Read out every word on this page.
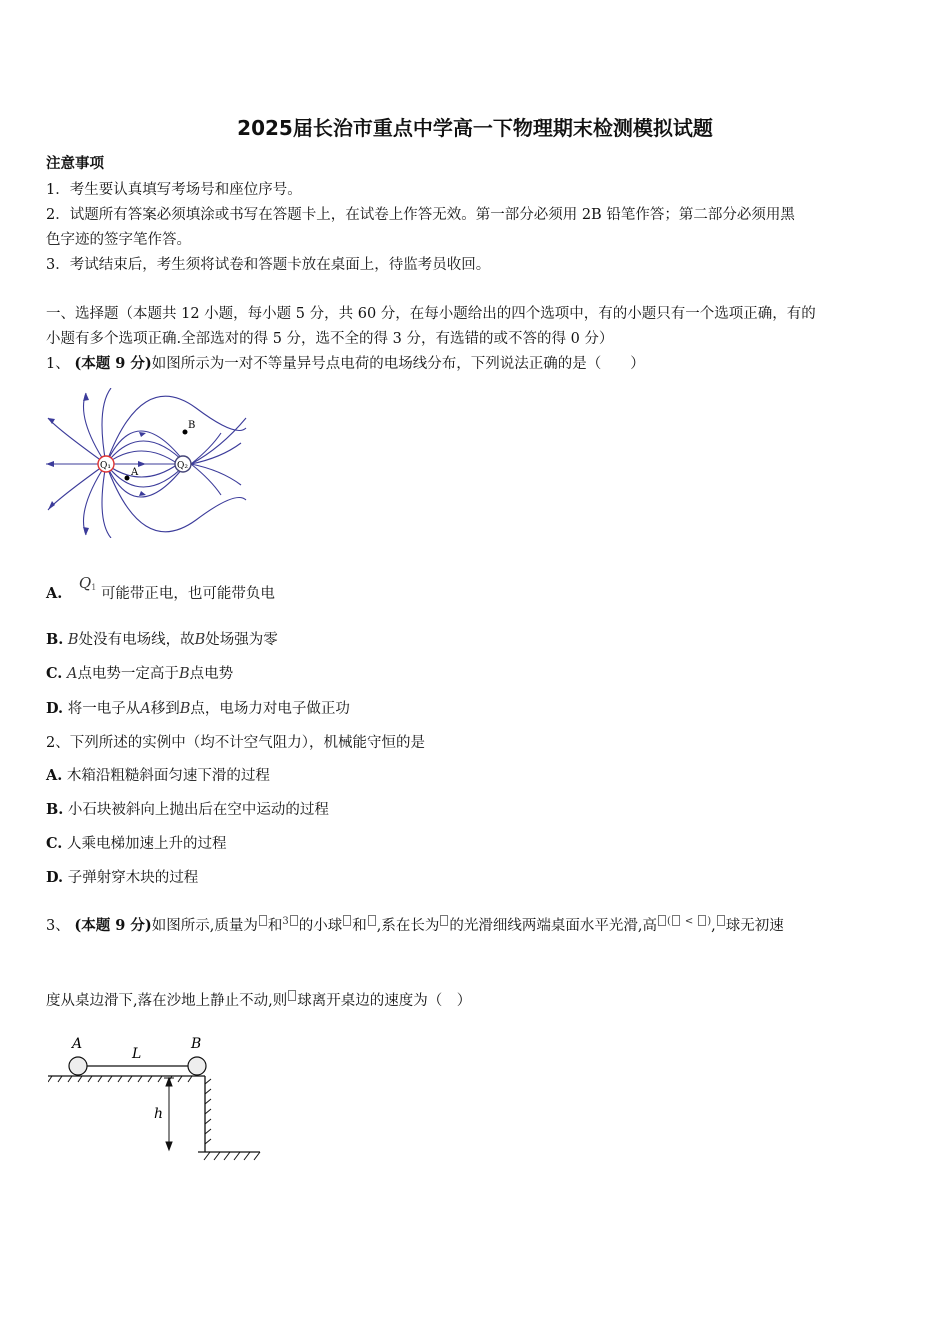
2025届长治市重点中学高一下物理期末检测模拟试题
注意事项
1．考生要认真填写考场号和座位序号。
2．试题所有答案必须填涂或书写在答题卡上，在试卷上作答无效。第一部分必须用 2B 铅笔作答；第二部分必须用黑
色字迹的签字笔作答。
3．考试结束后，考生须将试卷和答题卡放在桌面上，待监考员收回。
一、选择题（本题共 12 小题，每小题 5 分，共 60 分，在每小题给出的四个选项中，有的小题只有一个选项正确，有的
小题有多个选项正确.全部选对的得 5 分，选不全的得 3 分，有选错的或不答的得 0 分）
1、 (本题 9 分)如图所示为一对不等量异号点电荷的电场线分布，下列说法正确的是（　　）
Q₁	Q₂
A
B
A. $Q^1$ 可能带正电，也可能带负电
B. B处没有电场线，故B处场强为零
C. A点电势一定高于B点电势
D. 将一电子从A移到B点，电场力对电子做正功
2、下列所述的实例中（均不计空气阻力），机械能守恒的是
A. 木箱沿粗糙斜面匀速下滑的过程
B. 小石块被斜向上抛出后在空中运动的过程
C. 人乘电梯加速上升的过程
D. 子弹射穿木块的过程
3、 (本题 9 分)如图所示,质量为 和$^3$ 的小球 和 ,系在长为 的光滑细线两端桌面水平光滑,高 ( < ), 球无初速
度从桌边滑下,落在沙地上静止不动,则 球离开桌边的速度为（　）
A	B
L
h
